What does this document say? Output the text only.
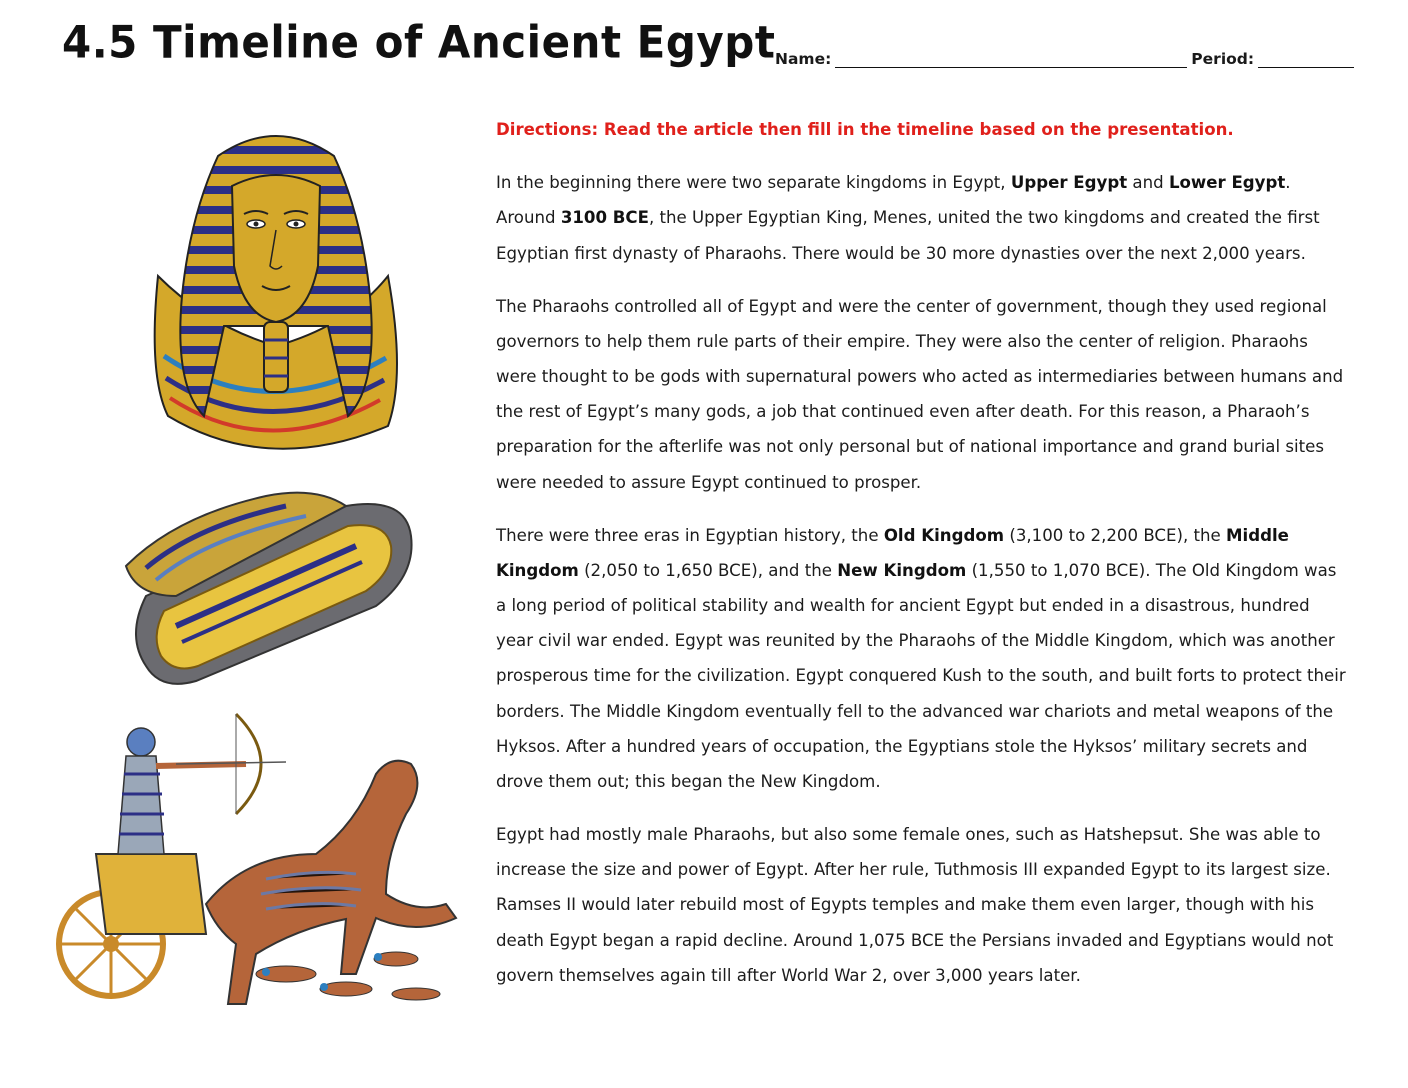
4.5 Timeline of Ancient Egypt Name:	Period:

Directions: Read the article then fill in the timeline based on the presentation.

In the beginning there were two separate kingdoms in Egypt, Upper Egypt and Lower Egypt. Around 3100 BCE, the Upper Egyptian King, Menes, united the two kingdoms and created the first Egyptian first dynasty of Pharaohs. There would be 30 more dynasties over the next 2,000 years.

The Pharaohs controlled all of Egypt and were the center of government, though they used regional governors to help them rule parts of their empire. They were also the center of religion. Pharaohs were thought to be gods with supernatural powers who acted as intermediaries between humans and the rest of Egypt’s many gods, a job that continued even after death. For this reason, a Pharaoh’s preparation for the afterlife was not only personal but of national importance and grand burial sites were needed to assure Egypt continued to prosper.

There were three eras in Egyptian history, the Old Kingdom (3,100 to 2,200 BCE), the Middle Kingdom (2,050 to 1,650 BCE), and the New Kingdom (1,550 to 1,070 BCE). The Old Kingdom was a long period of political stability and wealth for ancient Egypt but ended in a disastrous, hundred year civil war ended. Egypt was reunited by the Pharaohs of the Middle Kingdom, which was another prosperous time for the civilization. Egypt conquered Kush to the south, and built forts to protect their borders. The Middle Kingdom eventually fell to the advanced war chariots and metal weapons of the Hyksos. After a hundred years of occupation, the Egyptians stole the Hyksos’ military secrets and drove them out; this began the New Kingdom.

Egypt had mostly male Pharaohs, but also some female ones, such as Hatshepsut. She was able to increase the size and power of Egypt. After her rule, Tuthmosis III expanded Egypt to its largest size. Ramses II would later rebuild most of Egypts temples and make them even larger, though with his death Egypt began a rapid decline. Around 1,075 BCE the Persians invaded and Egyptians would not govern themselves again till after World War 2, over 3,000 years later.
